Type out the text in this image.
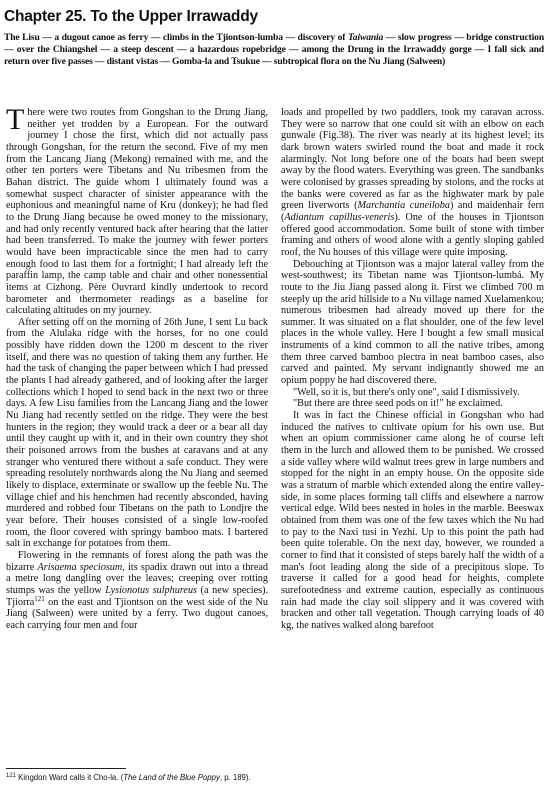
Chapter 25. To the Upper Irrawaddy
The Lisu — a dugout canoe as ferry — climbs in the Tjiontson-lumba — discovery of Taiwania — slow progress — bridge construction — over the Chiangshel — a steep descent — a hazardous ropebridge — among the Drung in the Irrawaddy gorge — I fall sick and return over five passes — distant vistas — Gomba-la and Tsukue — subtropical flora on the Nu Jiang (Salween)

There were two routes from Gongshan to the Drung Jiang, neither yet trodden by a European. For the outward journey I chose the first, which did not actually pass through Gongshan, for the return the second. Five of my men from the Lancang Jiang (Mekong) remained with me, and the other ten porters were Tibetans and Nu tribesmen from the Bahan district. The guide whom I ultimately found was a somewhat suspect character of sinister appearance with the euphonious and meaningful name of Kru (donkey); he had fled to the Drung Jiang because he owed money to the missionary, and had only recently ventured back after hearing that the latter had been transferred. To make the journey with fewer porters would have been impracticable since the men had to carry enough food to last them for a fortnight; I had already left the paraffin lamp, the camp table and chair and other nonessential items at Cizhong. Père Ouvrard kindly undertook to record barometer and thermometer readings as a baseline for calculating altitudes on my journey.

After setting off on the morning of 26th June, I sent Lu back from the Alulaka ridge with the horses, for no one could possibly have ridden down the 1200 m descent to the river itself, and there was no question of taking them any further. He had the task of changing the paper between which I had pressed the plants I had already gathered, and of looking after the larger collections which I hoped to send back in the next two or three days. A few Lisu families from the Lancang Jiang and the lower Nu Jiang had recently settled on the ridge. They were the best hunters in the region; they would track a deer or a bear all day until they caught up with it, and in their own country they shot their poisoned arrows from the bushes at caravans and at any stranger who ventured there without a safe conduct. They were spreading resolutely northwards along the Nu Jiang and seemed likely to displace, exterminate or swallow up the feeble Nu. The village chief and his henchmen had recently absconded, having murdered and robbed four Tibetans on the path to Londjre the year before. Their houses consisted of a single low-roofed room, the floor covered with springy bamboo mats. I bartered salt in exchange for potatoes from them.

Flowering in the remnants of forest along the path was the bizarre Arisaema speciosum, its spadix drawn out into a thread a metre long dangling over the leaves; creeping over rotting stumps was the yellow Lysionotus sulphureus (a new species). Tjiorra$^{121}$ on the east and Tjiontson on the west side of the Nu Jiang (Salween) were united by a ferry. Two dugout canoes, each carrying four men and four

loads and propelled by two paddlers, took my caravan across. They were so narrow that one could sit with an elbow on each gunwale (Fig.38). The river was nearly at its highest level; its dark brown waters swirled round the boat and made it rock alarmingly. Not long before one of the boats had been swept away by the flood waters. Everything was green. The sandbanks were colonised by grasses spreading by stolons, and the rocks at the banks were covered as far as the highwater mark by pale green liverworts (Marchantia cuneiloba) and maidenhair fern (Adiantum capillus-veneris). One of the houses in Tjiontson offered good accommodation. Some built of stone with timber framing and others of wood alone with a gently sloping gabled roof, the Nu houses of this village were quite imposing.

Debouching at Tjiontson was a major lateral valley from the west-southwest; its Tibetan name was Tjiontson-lumbá. My route to the Jiu Jiang passed along it. First we climbed 700 m steeply up the arid hillside to a Nu village named Xuelamenkou; numerous tribesmen had already moved up there for the summer. It was situated on a flat shoulder, one of the few level places in the whole valley. Here I bought a few small musical instruments of a kind common to all the native tribes, among them three carved bamboo plectra in neat bamboo cases, also carved and painted. My servant indignantly showed me an opium poppy he had discovered there.

"Well, so it is, but there's only one", said I dismissively.

"But there are three seed pods on it!" he exclaimed.

It was in fact the Chinese official in Gongshan who had induced the natives to cultivate opium for his own use. But when an opium commissioner came along he of course left them in the lurch and allowed them to be punished. We crossed a side valley where wild walnut trees grew in large numbers and stopped for the night in an empty house. On the opposite side was a stratum of marble which extended along the entire valley-side, in some places forming tall cliffs and elsewhere a narrow vertical edge. Wild bees nested in holes in the marble. Beeswax obtained from them was one of the few taxes which the Nu had to pay to the Naxi tusi in Yezhi. Up to this point the path had been quite tolerable. On the next day, however, we rounded a corner to find that it consisted of steps barely half the width of a man's foot leading along the side of a precipitous slope. To traverse it called for a good head for heights, complete surefootedness and extreme caution, especially as continuous rain had made the clay soil slippery and it was covered with bracken and other tall vegetation. Though carrying loads of 40 kg, the natives walked along barefoot

$^{121}$ Kingdon Ward calls it Cho-la. (The Land of the Blue Poppy, p. 189).
